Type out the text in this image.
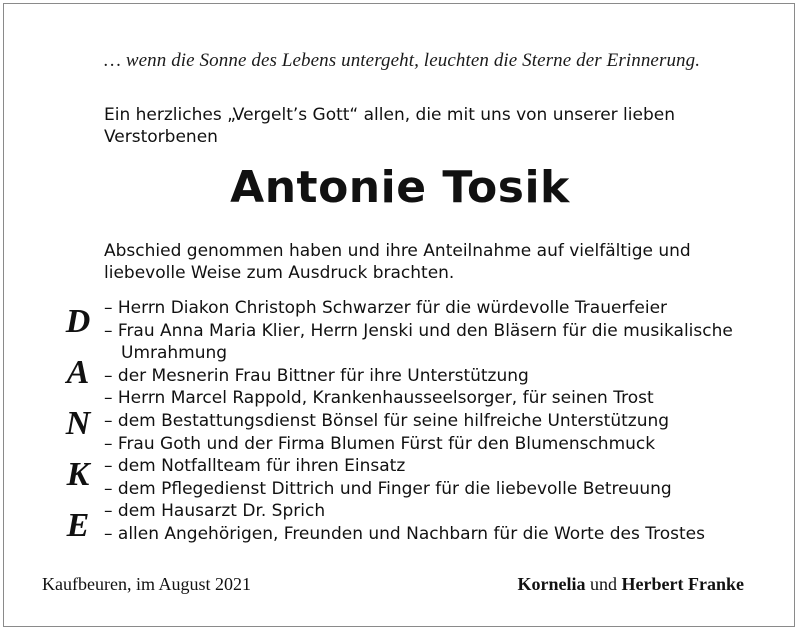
… wenn die Sonne des Lebens untergeht, leuchten die Sterne der Erinnerung.
Ein herzliches „Vergelt’s Gott“ allen, die mit uns von unserer lieben Verstorbenen
Antonie Tosik
Abschied genommen haben und ihre Anteilnahme auf vielfältige und liebevolle Weise zum Ausdruck brachten.
D
A
N
K
E
– Herrn Diakon Christoph Schwarzer für die würdevolle Trauerfeier
– Frau Anna Maria Klier, Herrn Jenski und den Bläsern für die musikalische Umrahmung
– der Mesnerin Frau Bittner für ihre Unterstützung
– Herrn Marcel Rappold, Krankenhausseelsorger, für seinen Trost
– dem Bestattungsdienst Bönsel für seine hilfreiche Unterstützung
– Frau Goth und der Firma Blumen Fürst für den Blumenschmuck
– dem Notfallteam für ihren Einsatz
– dem Pflegedienst Dittrich und Finger für die liebevolle Betreuung
– dem Hausarzt Dr. Sprich
– allen Angehörigen, Freunden und Nachbarn für die Worte des Trostes
Kaufbeuren, im August 2021	Kornelia und Herbert Franke
